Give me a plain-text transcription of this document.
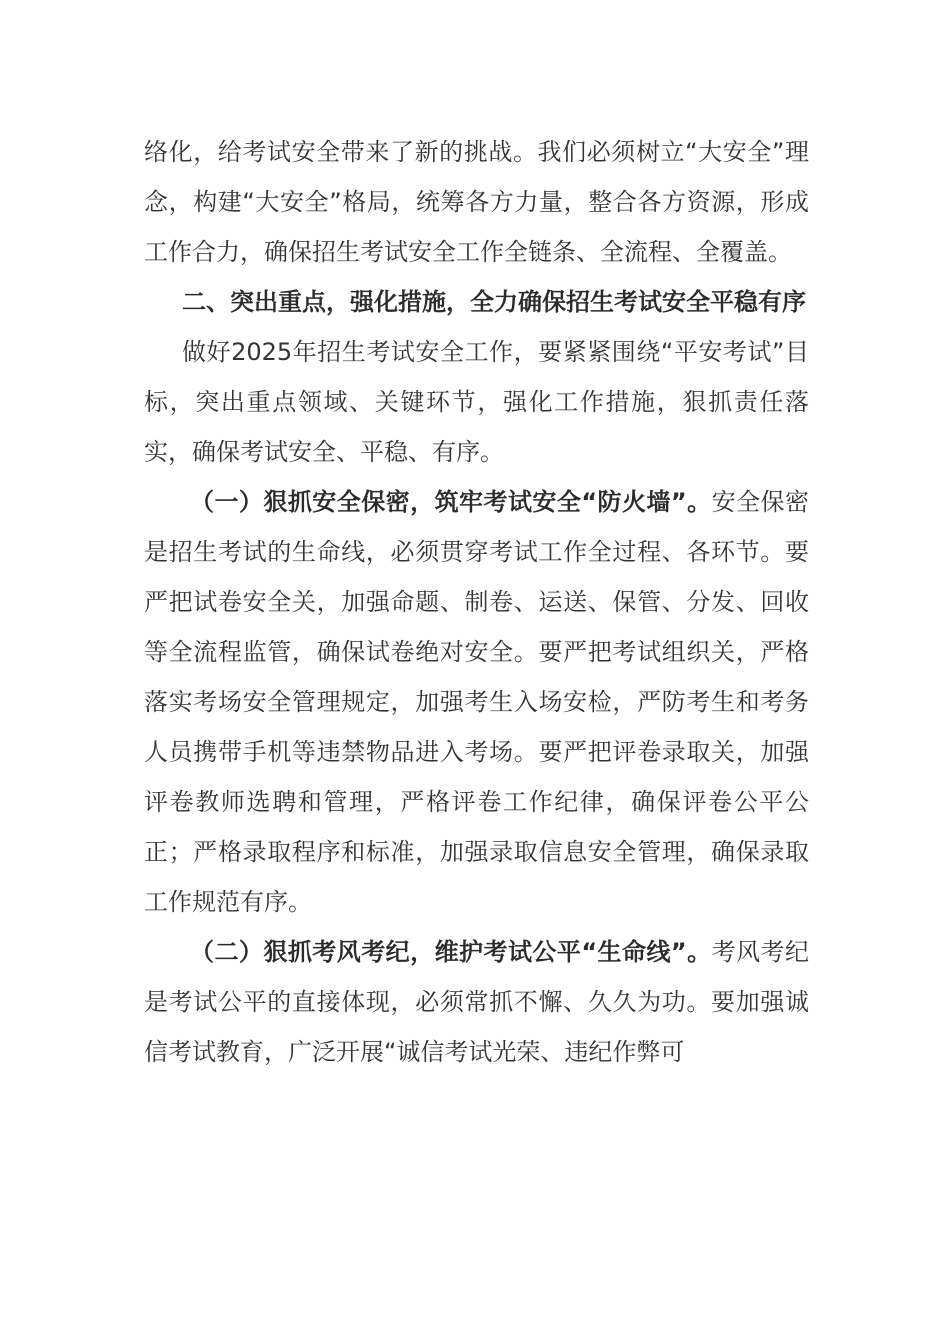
络化，给考试安全带来了新的挑战。我们必须树立“大安全”理念，构建“大安全”格局，统筹各方力量，整合各方资源，形成工作合力，确保招生考试安全工作全链条、全流程、全覆盖。

二、突出重点，强化措施，全力确保招生考试安全平稳有序

做好2025年招生考试安全工作，要紧紧围绕“平安考试”目标，突出重点领域、关键环节，强化工作措施，狠抓责任落实，确保考试安全、平稳、有序。

（一）狠抓安全保密，筑牢考试安全“防火墙”。安全保密是招生考试的生命线，必须贯穿考试工作全过程、各环节。要严把试卷安全关，加强命题、制卷、运送、保管、分发、回收等全流程监管，确保试卷绝对安全。要严把考试组织关，严格落实考场安全管理规定，加强考生入场安检，严防考生和考务人员携带手机等违禁物品进入考场。要严把评卷录取关，加强评卷教师选聘和管理，严格评卷工作纪律，确保评卷公平公正；严格录取程序和标准，加强录取信息安全管理，确保录取工作规范有序。

（二）狠抓考风考纪，维护考试公平“生命线”。考风考纪是考试公平的直接体现，必须常抓不懈、久久为功。要加强诚信考试教育，广泛开展“诚信考试光荣、违纪作弊可
